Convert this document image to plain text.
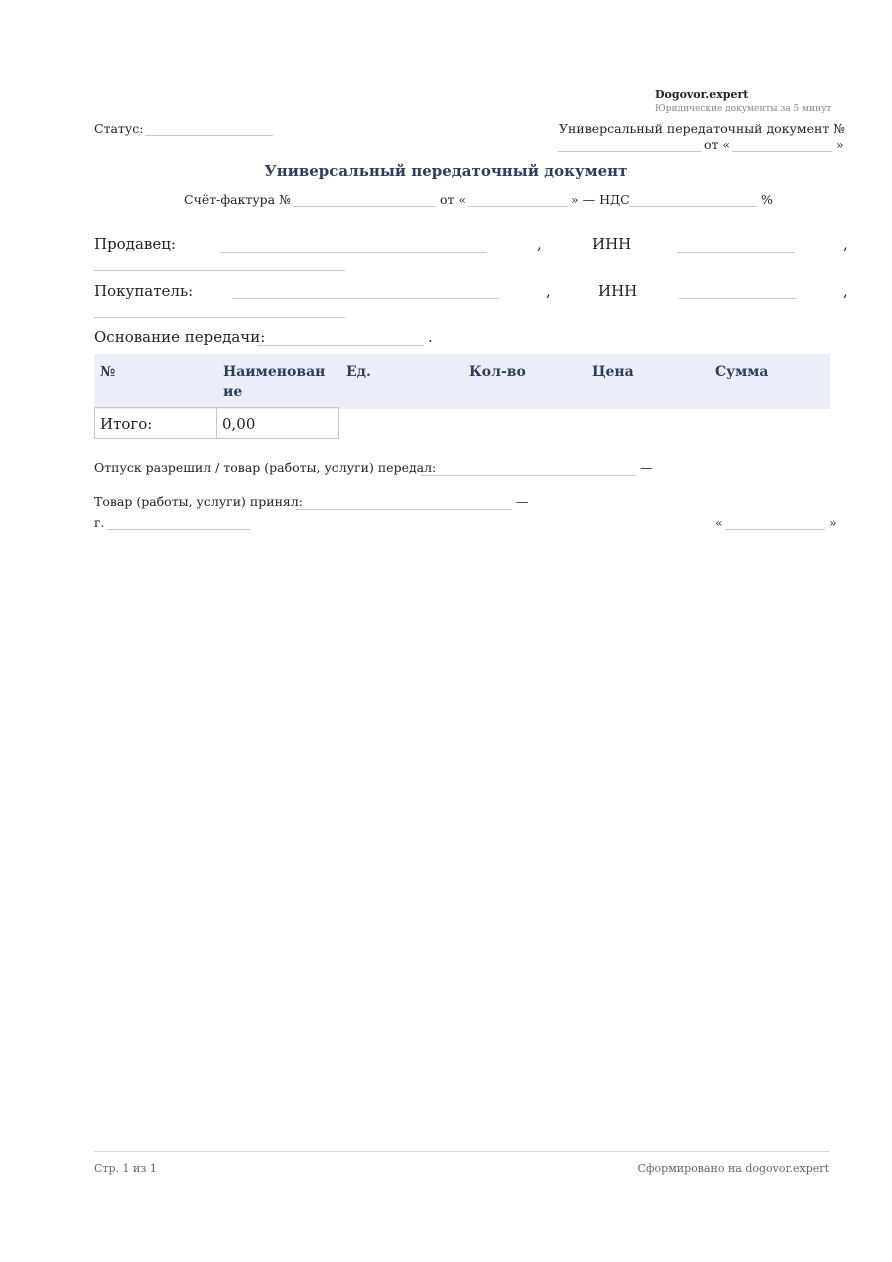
Dogovor.expert
Юридические документы за 5 минут
Статус:	Универсальный передаточный документ №
от «	»
Универсальный передаточный документ
Счёт-фактура №	от «	» — НДС	%
Продавец:	,	ИНН	,
Покупатель:	,	ИНН	,
Основание передачи:	.
№	Наименован ие	Ед.	Кол-во	Цена	Сумма
Итого:	0,00
Отпуск разрешил / товар (работы, услуги) передал:	—
Товар (работы, услуги) принял:	—
г.	«	»
Стр. 1 из 1	Сформировано на dogovor.expert
